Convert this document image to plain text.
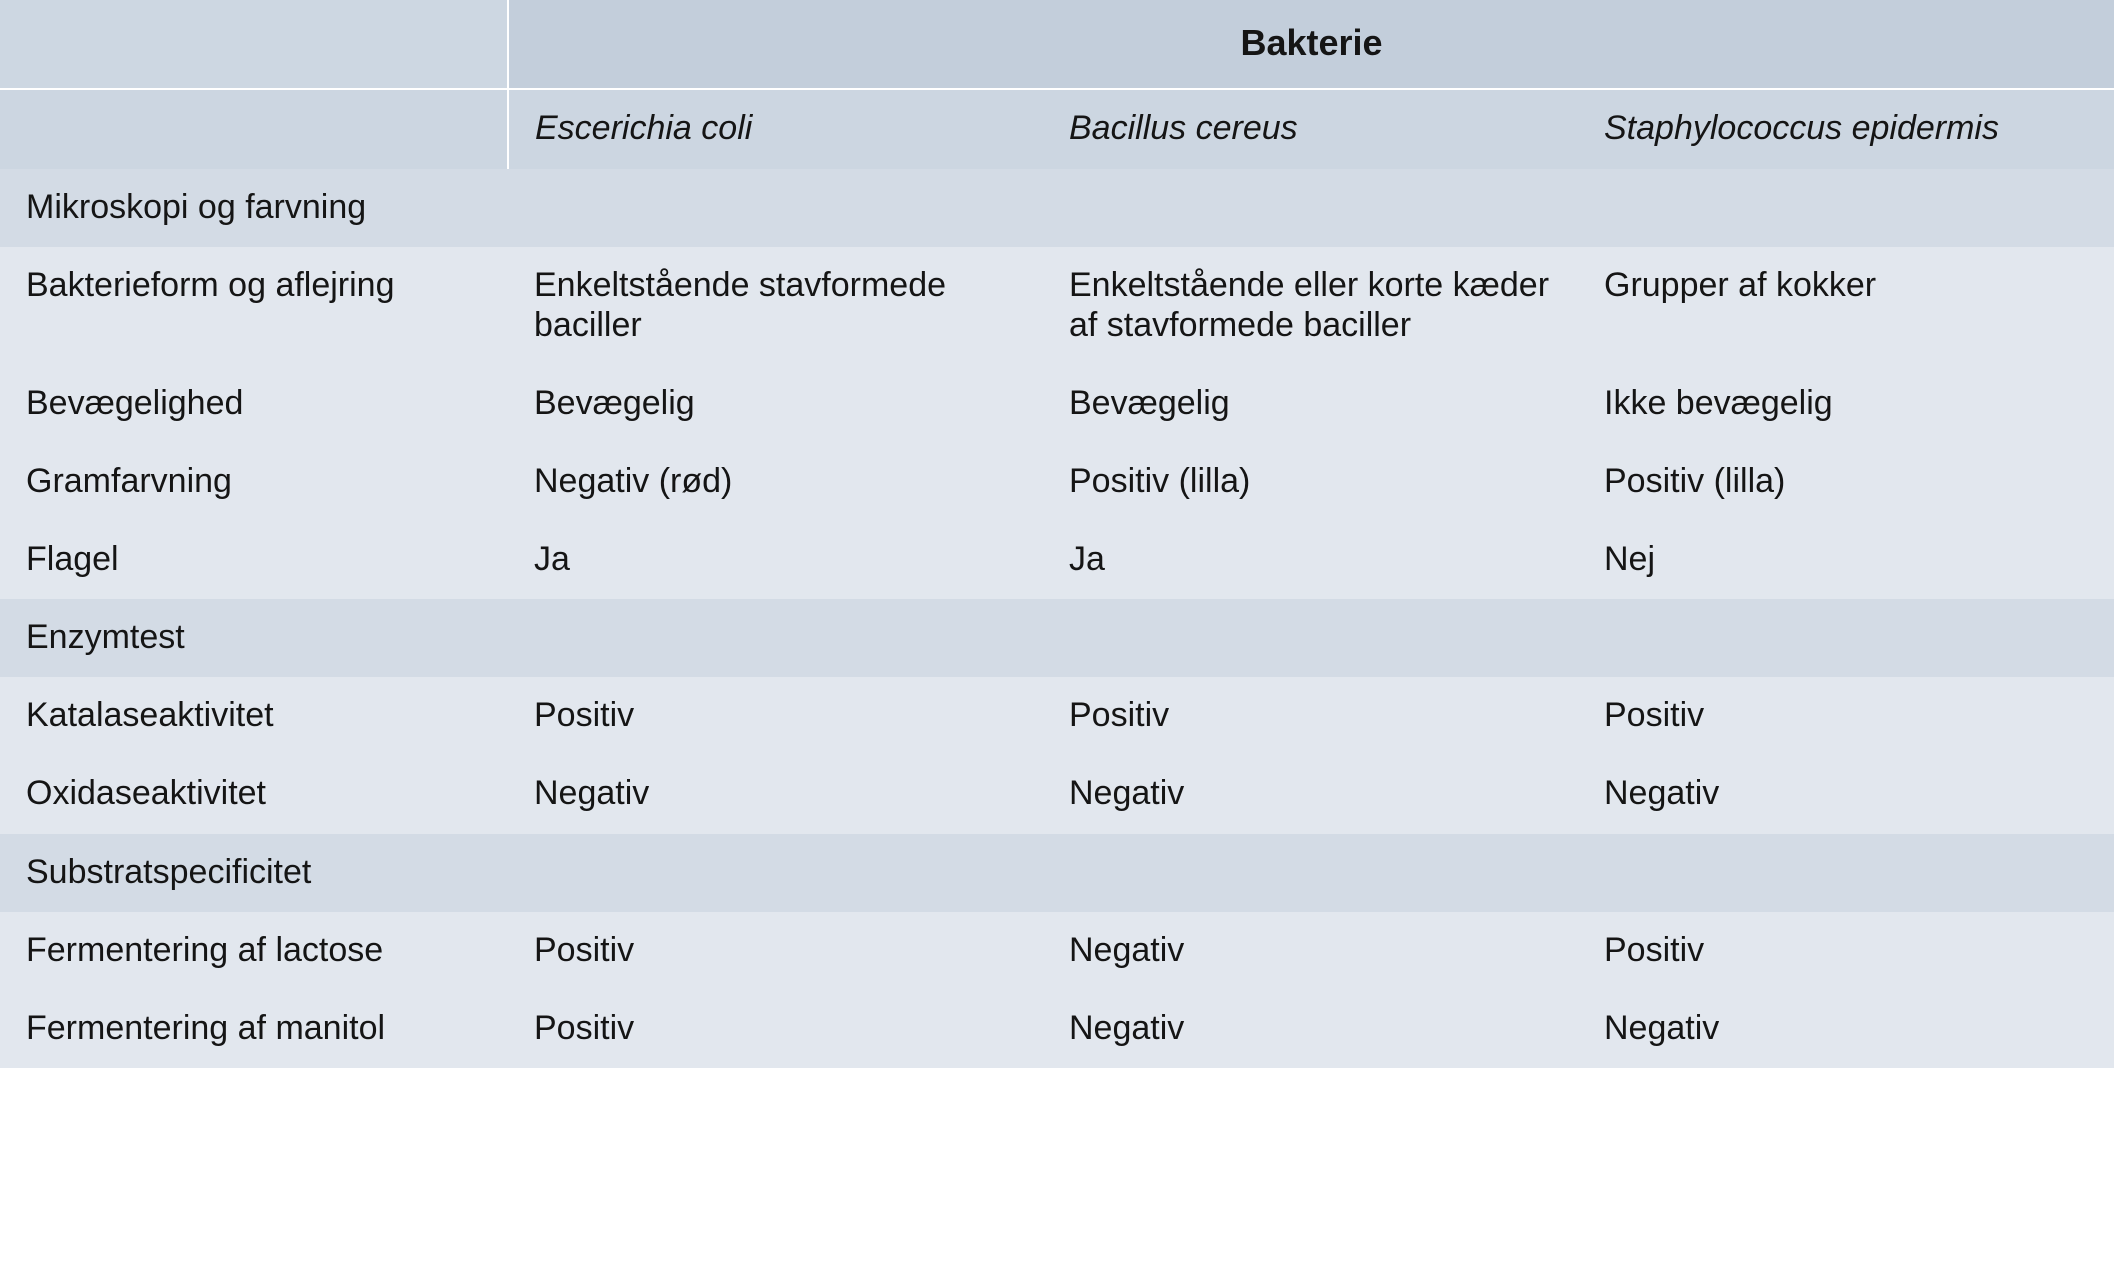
	Bakterie		
	Escerichia coli	Bacillus cereus	Staphylococcus epidermis
Mikroskopi og farvning			
Bakterieform og aflejring	Enkeltstående stavformede baciller	Enkeltstående eller korte kæder af stavformede baciller	Grupper af kokker
Bevægelighed	Bevægelig	Bevægelig	Ikke bevægelig
Gramfarvning	Negativ (rød)	Positiv (lilla)	Positiv (lilla)
Flagel	Ja	Ja	Nej
Enzymtest			
Katalaseaktivitet	Positiv	Positiv	Positiv
Oxidaseaktivitet	Negativ	Negativ	Negativ
Substratspecificitet			
Fermentering af lactose	Positiv	Negativ	Positiv
Fermentering af manitol	Positiv	Negativ	Negativ
